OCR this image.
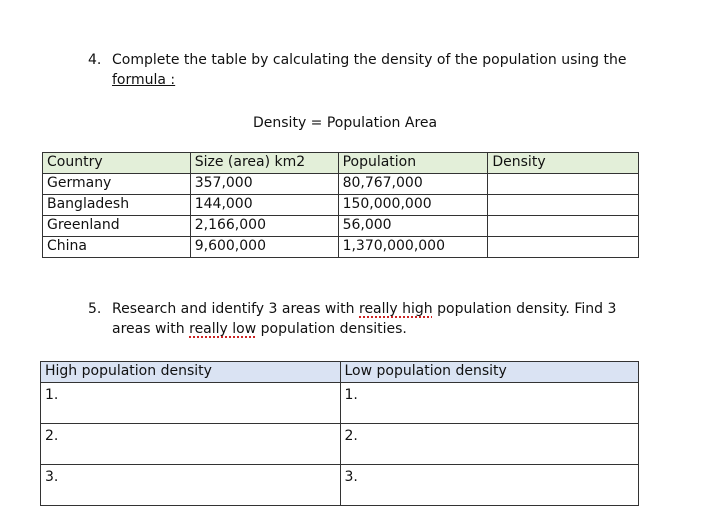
4. Complete the table by calculating the density of the population using the
formula :
Density = Population Area
Country	Size (area) km2	Population	Density
Germany	357,000	80,767,000	
Bangladesh	144,000	150,000,000	
Greenland	2,166,000	56,000	
China	9,600,000	1,370,000,000	
5. Research and identify 3 areas with really high population density. Find 3
areas with really low population densities.
High population density	Low population density
1.	1.
2.	2.
3.	3.
